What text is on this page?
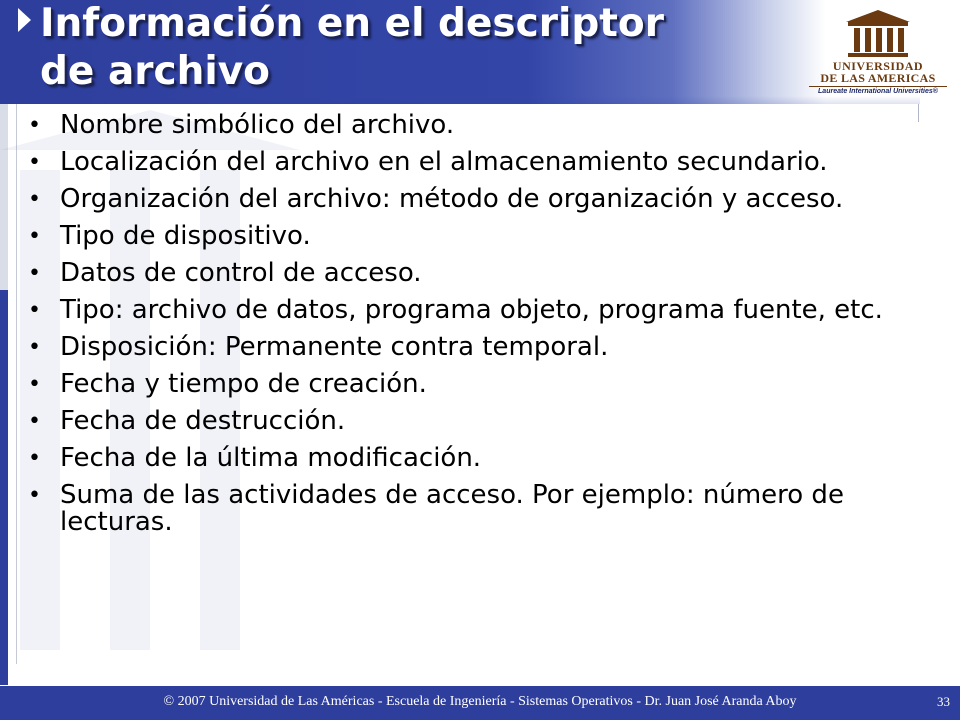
Información en el descriptor
de archivo	UNIVERSIDAD
DE LAS AMERICAS
Laureate International Universities®
• Nombre simbólico del archivo.
• Localización del archivo en el almacenamiento secundario.
• Organización del archivo: método de organización y acceso.
• Tipo de dispositivo.
• Datos de control de acceso.
• Tipo: archivo de datos, programa objeto, programa fuente, etc.
• Disposición: Permanente contra temporal.
• Fecha y tiempo de creación.
• Fecha de destrucción.
• Fecha de la última modificación.
• Suma de las actividades de acceso. Por ejemplo: número de lecturas.
© 2007 Universidad de Las Américas - Escuela de Ingeniería - Sistemas Operativos - Dr. Juan José Aranda Aboy	33
